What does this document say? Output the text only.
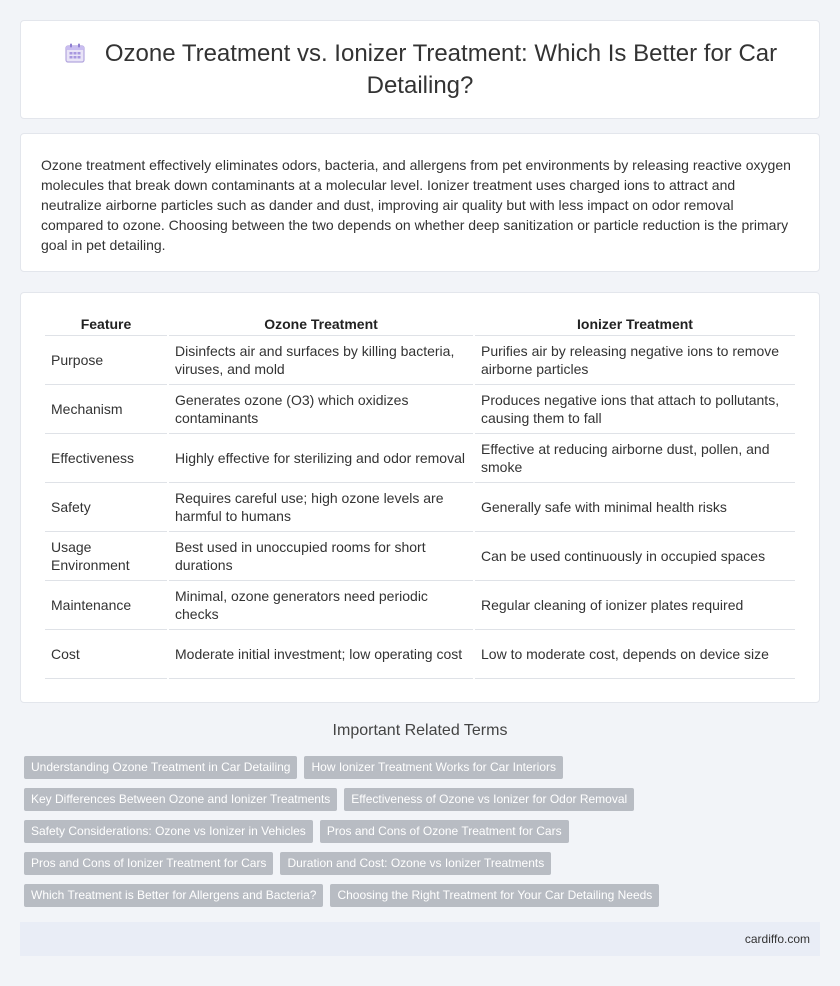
Ozone Treatment vs. Ionizer Treatment: Which Is Better for Car Detailing?

Ozone treatment effectively eliminates odors, bacteria, and allergens from pet environments by releasing reactive oxygen molecules that break down contaminants at a molecular level. Ionizer treatment uses charged ions to attract and neutralize airborne particles such as dander and dust, improving air quality but with less impact on odor removal compared to ozone. Choosing between the two depends on whether deep sanitization or particle reduction is the primary goal in pet detailing.

Feature	Ozone Treatment	Ionizer Treatment
Purpose	Disinfects air and surfaces by killing bacteria, viruses, and mold	Purifies air by releasing negative ions to remove airborne particles
Mechanism	Generates ozone (O3) which oxidizes contaminants	Produces negative ions that attach to pollutants, causing them to fall
Effectiveness	Highly effective for sterilizing and odor removal	Effective at reducing airborne dust, pollen, and smoke
Safety	Requires careful use; high ozone levels are harmful to humans	Generally safe with minimal health risks
Usage Environment	Best used in unoccupied rooms for short durations	Can be used continuously in occupied spaces
Maintenance	Minimal, ozone generators need periodic checks	Regular cleaning of ionizer plates required
Cost	Moderate initial investment; low operating cost	Low to moderate cost, depends on device size
Important Related Terms
Understanding Ozone Treatment in Car Detailing	How Ionizer Treatment Works for Car Interiors
Key Differences Between Ozone and Ionizer Treatments	Effectiveness of Ozone vs Ionizer for Odor Removal
Safety Considerations: Ozone vs Ionizer in Vehicles	Pros and Cons of Ozone Treatment for Cars
Pros and Cons of Ionizer Treatment for Cars	Duration and Cost: Ozone vs Ionizer Treatments
Which Treatment is Better for Allergens and Bacteria?	Choosing the Right Treatment for Your Car Detailing Needs
cardiffo.com
